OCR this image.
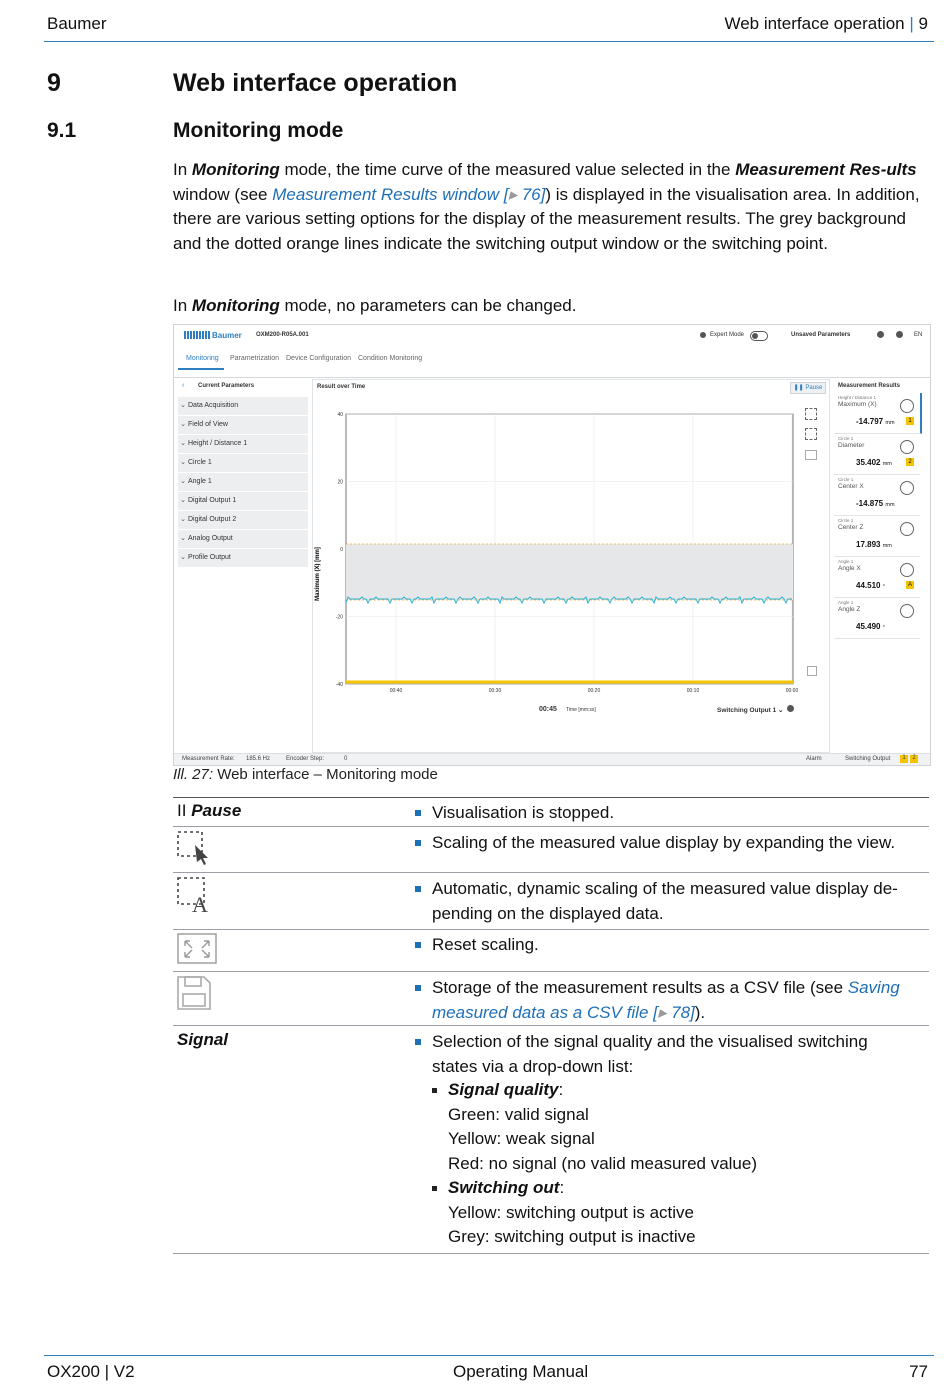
Baumer	Web interface operation | 9
9	Web interface operation
9.1	Monitoring mode
In Monitoring mode, the time curve of the measured value selected in the Measurement Res-ults window (see Measurement Results window [▸ 76]) is displayed in the visualisation area. In addition, there are various setting options for the display of the measurement results. The grey background and the dotted orange lines indicate the switching output window or the switching point.
In Monitoring mode, no parameters can be changed.
Baumer OXM200-R05A.001	Expert Mode	Unsaved Parameters	EN
Monitoring Parametrization Device Configuration Condition Monitoring
‹ Current Parameters
⌄ Data Acquisition
⌄ Field of View
⌄ Height / Distance 1
⌄ Circle 1
⌄ Angle 1
⌄ Digital Output 1
⌄ Digital Output 2
⌄ Analog Output
⌄ Profile Output
Result over Time	❚❚ Pause
Maximum (X) [mm]
40
20
0
-20
-40
00:40	00:30	00:20	00:10	00:00
00:45 Time [mm:ss]	Switching Output 1 ⌄
Measurement Results
Height / Distance 1
Maximum (X)
-14.797 mm	1
Circle 1
Diameter
35.402 mm	2
Circle 1
Center X
-14.875 mm
Circle 1
Center Z
17.893 mm
Angle 1
Angle X
44.510 °	A
Angle 1
Angle Z
45.490 °
Measurement Rate: 185.6 Hz	Encoder Step:	0	Alarm	Switching Output	1	2
Ill. 27: Web interface – Monitoring mode
II Pause	Visualisation is stopped.
Scaling of the measured value display by expanding the view.
A
Automatic, dynamic scaling of the measured value display de-pending on the displayed data.
Reset scaling.
Storage of the measurement results as a CSV file (see Saving measured data as a CSV file [▸ 78]).
Signal	Selection of the signal quality and the visualised switching states via a drop-down list:
Signal quality:
Green: valid signal
Yellow: weak signal
Red: no signal (no valid measured value)
Switching out:
Yellow: switching output is active
Grey: switching output is inactive
OX200 | V2	Operating Manual	77
